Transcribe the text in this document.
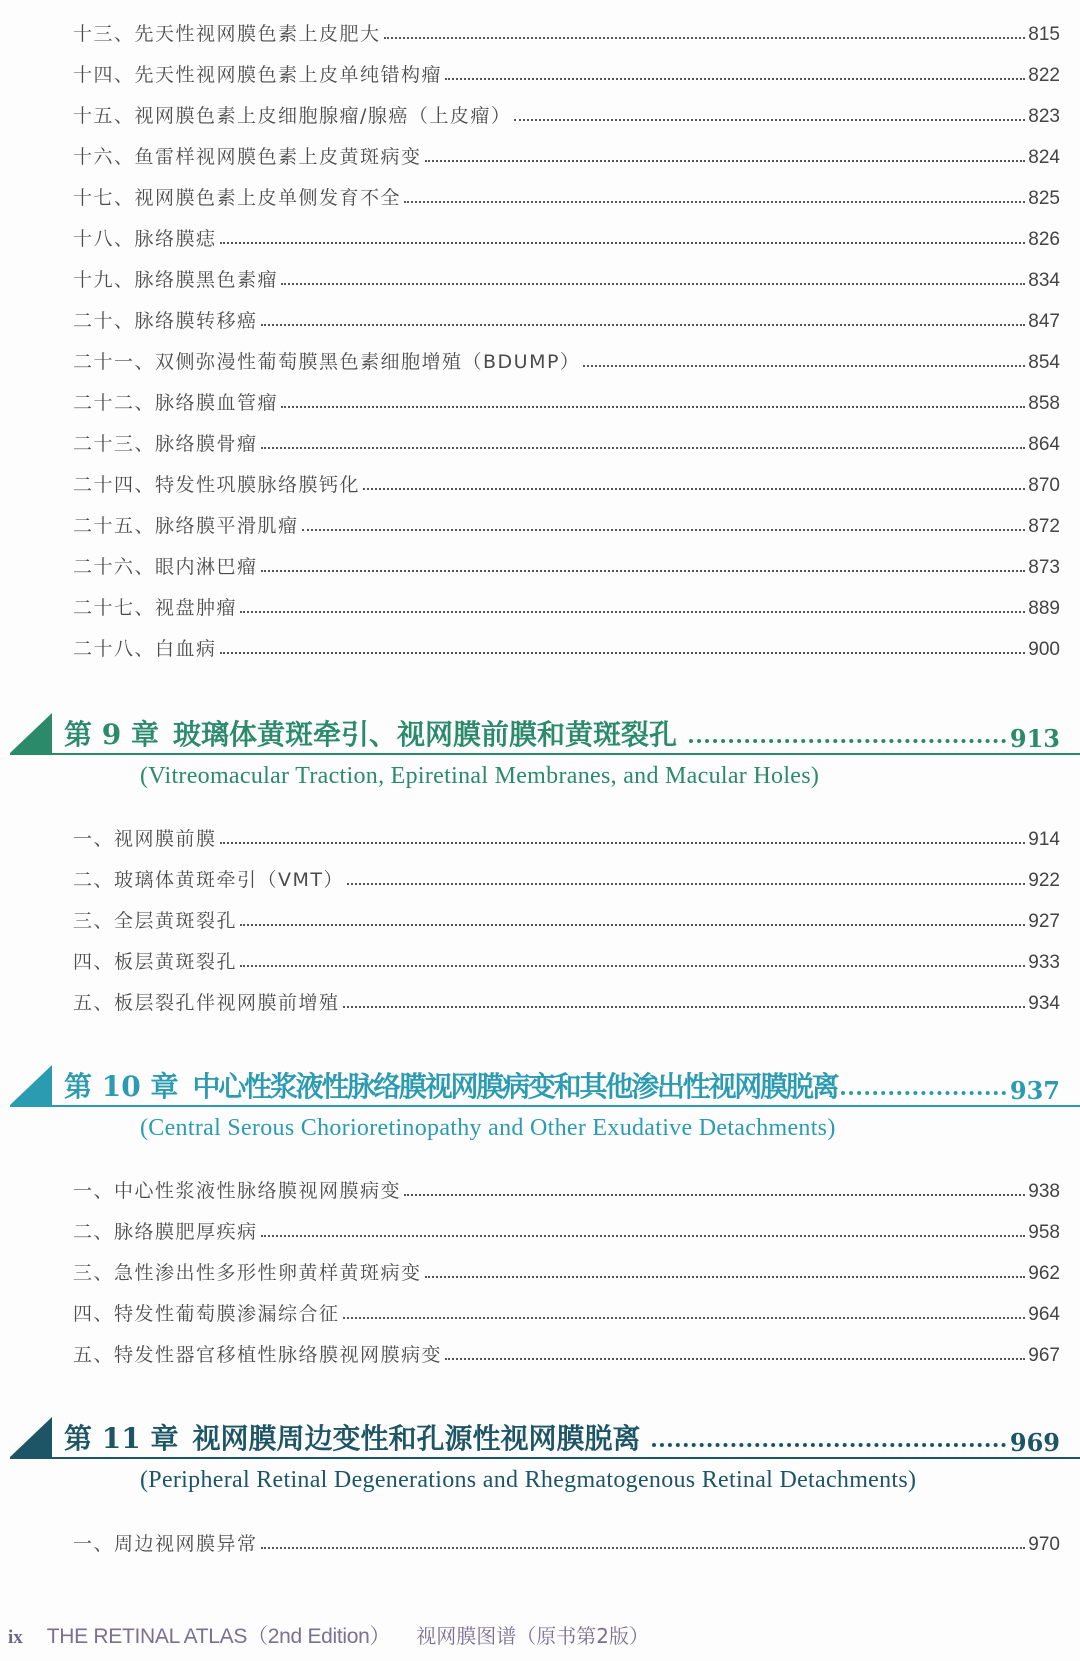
十三、先天性视网膜色素上皮肥大	815
十四、先天性视网膜色素上皮单纯错构瘤	822
十五、视网膜色素上皮细胞腺瘤/腺癌（上皮瘤）	823
十六、鱼雷样视网膜色素上皮黄斑病变	824
十七、视网膜色素上皮单侧发育不全	825
十八、脉络膜痣	826
十九、脉络膜黑色素瘤	834
二十、脉络膜转移癌	847
二十一、双侧弥漫性葡萄膜黑色素细胞增殖（BDUMP）	854
二十二、脉络膜血管瘤	858
二十三、脉络膜骨瘤	864
二十四、特发性巩膜脉络膜钙化	870
二十五、脉络膜平滑肌瘤	872
二十六、眼内淋巴瘤	873
二十七、视盘肿瘤	889
二十八、白血病	900
第 9 章 玻璃体黄斑牵引、视网膜前膜和黄斑裂孔	913
(Vitreomacular Traction, Epiretinal Membranes, and Macular Holes)
一、视网膜前膜	914
二、玻璃体黄斑牵引（VMT）	922
三、全层黄斑裂孔	927
四、板层黄斑裂孔	933
五、板层裂孔伴视网膜前增殖	934
第 10 章 中心性浆液性脉络膜视网膜病变和其他渗出性视网膜脱离	937
(Central Serous Chorioretinopathy and Other Exudative Detachments)
一、中心性浆液性脉络膜视网膜病变	938
二、脉络膜肥厚疾病	958
三、急性渗出性多形性卵黄样黄斑病变	962
四、特发性葡萄膜渗漏综合征	964
五、特发性器官移植性脉络膜视网膜病变	967
第 11 章 视网膜周边变性和孔源性视网膜脱离	969
(Peripheral Retinal Degenerations and Rhegmatogenous Retinal Detachments)
一、周边视网膜异常	970
ix THE RETINAL ATLAS（2nd Edition） 视网膜图谱（原书第2版）
